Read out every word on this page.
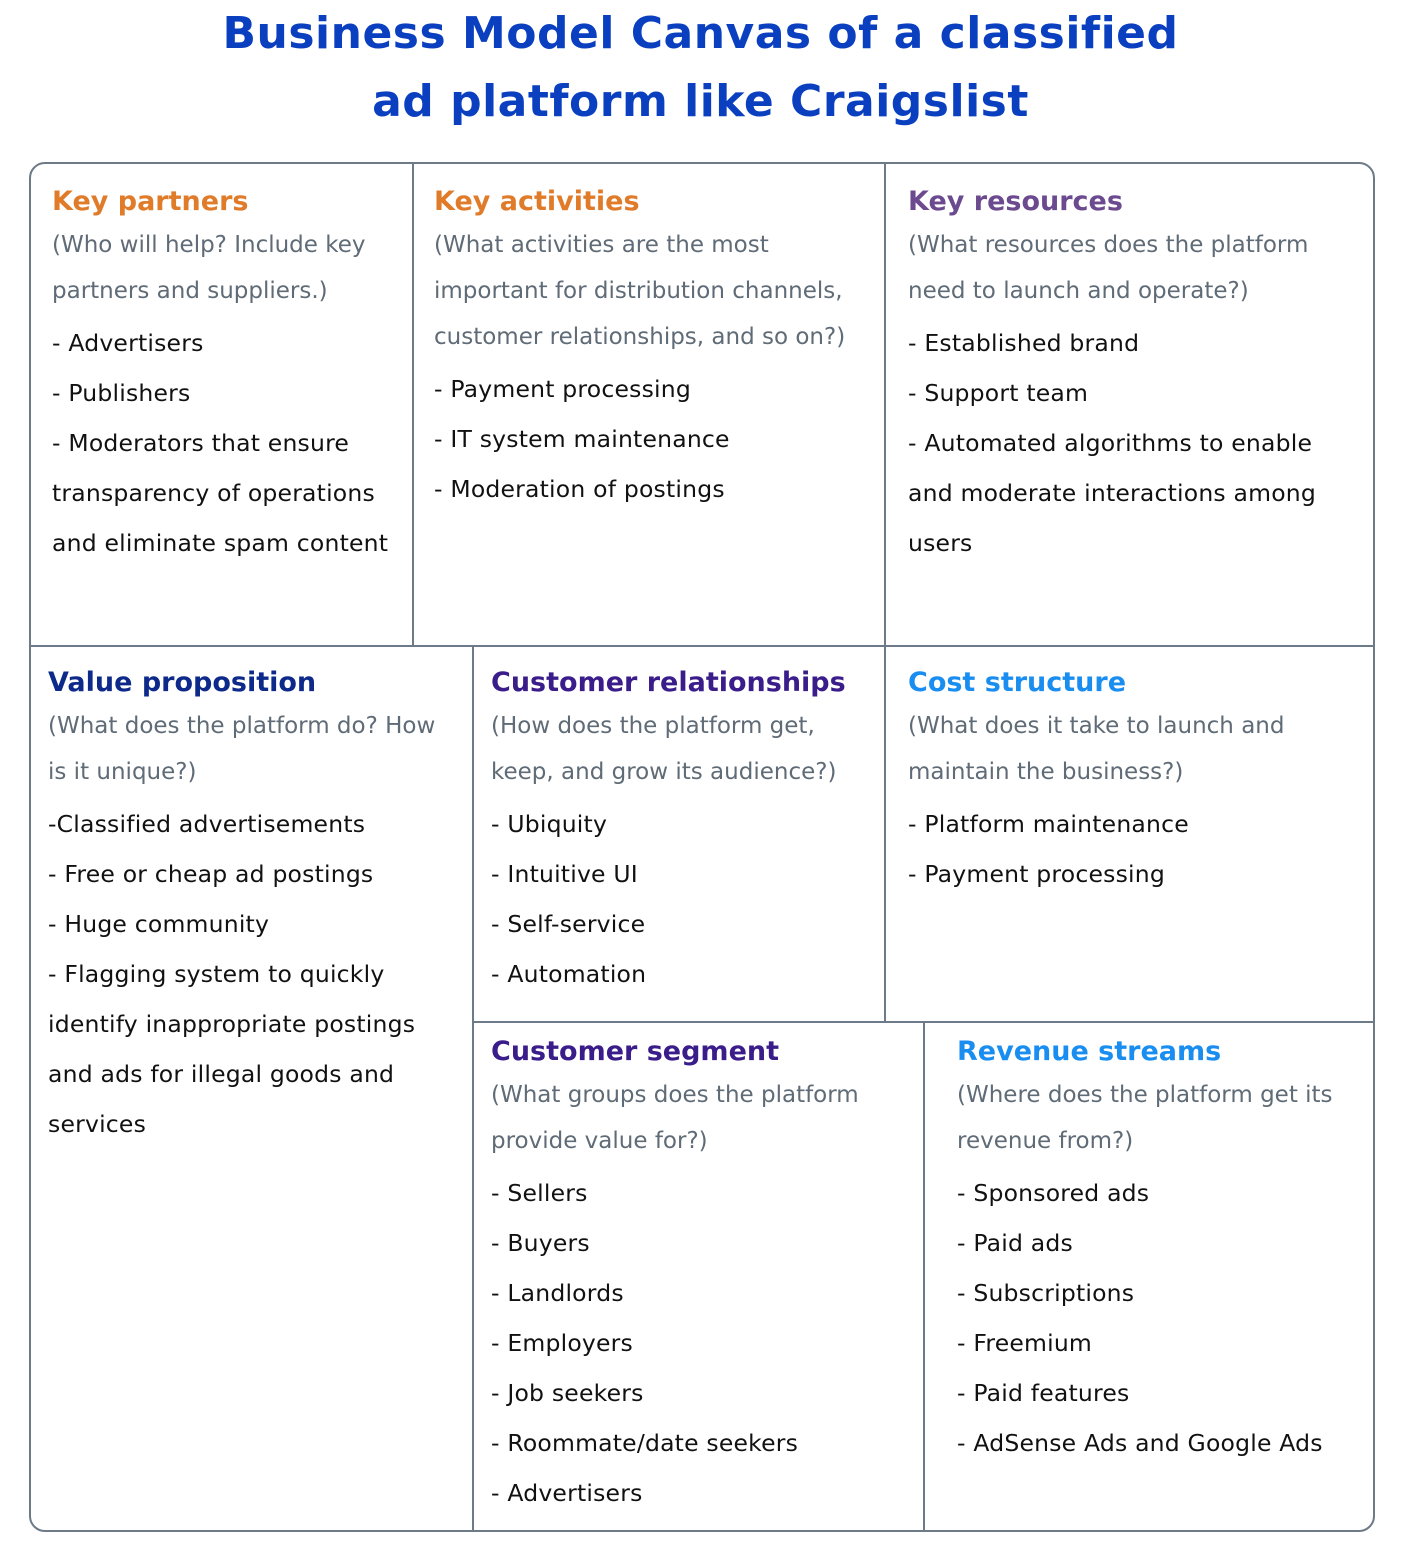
Business Model Canvas of a classified
ad platform like Craigslist
Key partners

(Who will help? Include key partners and suppliers.)

- Advertisers
- Publishers
- Moderators that ensure transparency of operations and eliminate spam content
Key activities

(What activities are the most important for distribution channels, customer relationships, and so on?)

- Payment processing
- IT system maintenance
- Moderation of postings
Key resources

(What resources does the platform need to launch and operate?)

- Established brand
- Support team
- Automated algorithms to enable and moderate interactions among users
Value proposition

(What does the platform do? How is it unique?)

-Classified advertisements
- Free or cheap ad postings
- Huge community
- Flagging system to quickly identify inappropriate postings and ads for illegal goods and services
Customer relationships

(How does the platform get, keep, and grow its audience?)

- Ubiquity
- Intuitive UI
- Self-service
- Automation
Cost structure

(What does it take to launch and maintain the business?)

- Platform maintenance
- Payment processing
Customer segment

(What groups does the platform provide value for?)

- Sellers
- Buyers
- Landlords
- Employers
- Job seekers
- Roommate/date seekers
- Advertisers
Revenue streams

(Where does the platform get its revenue from?)

- Sponsored ads
- Paid ads
- Subscriptions
- Freemium
- Paid features
- AdSense Ads and Google Ads
